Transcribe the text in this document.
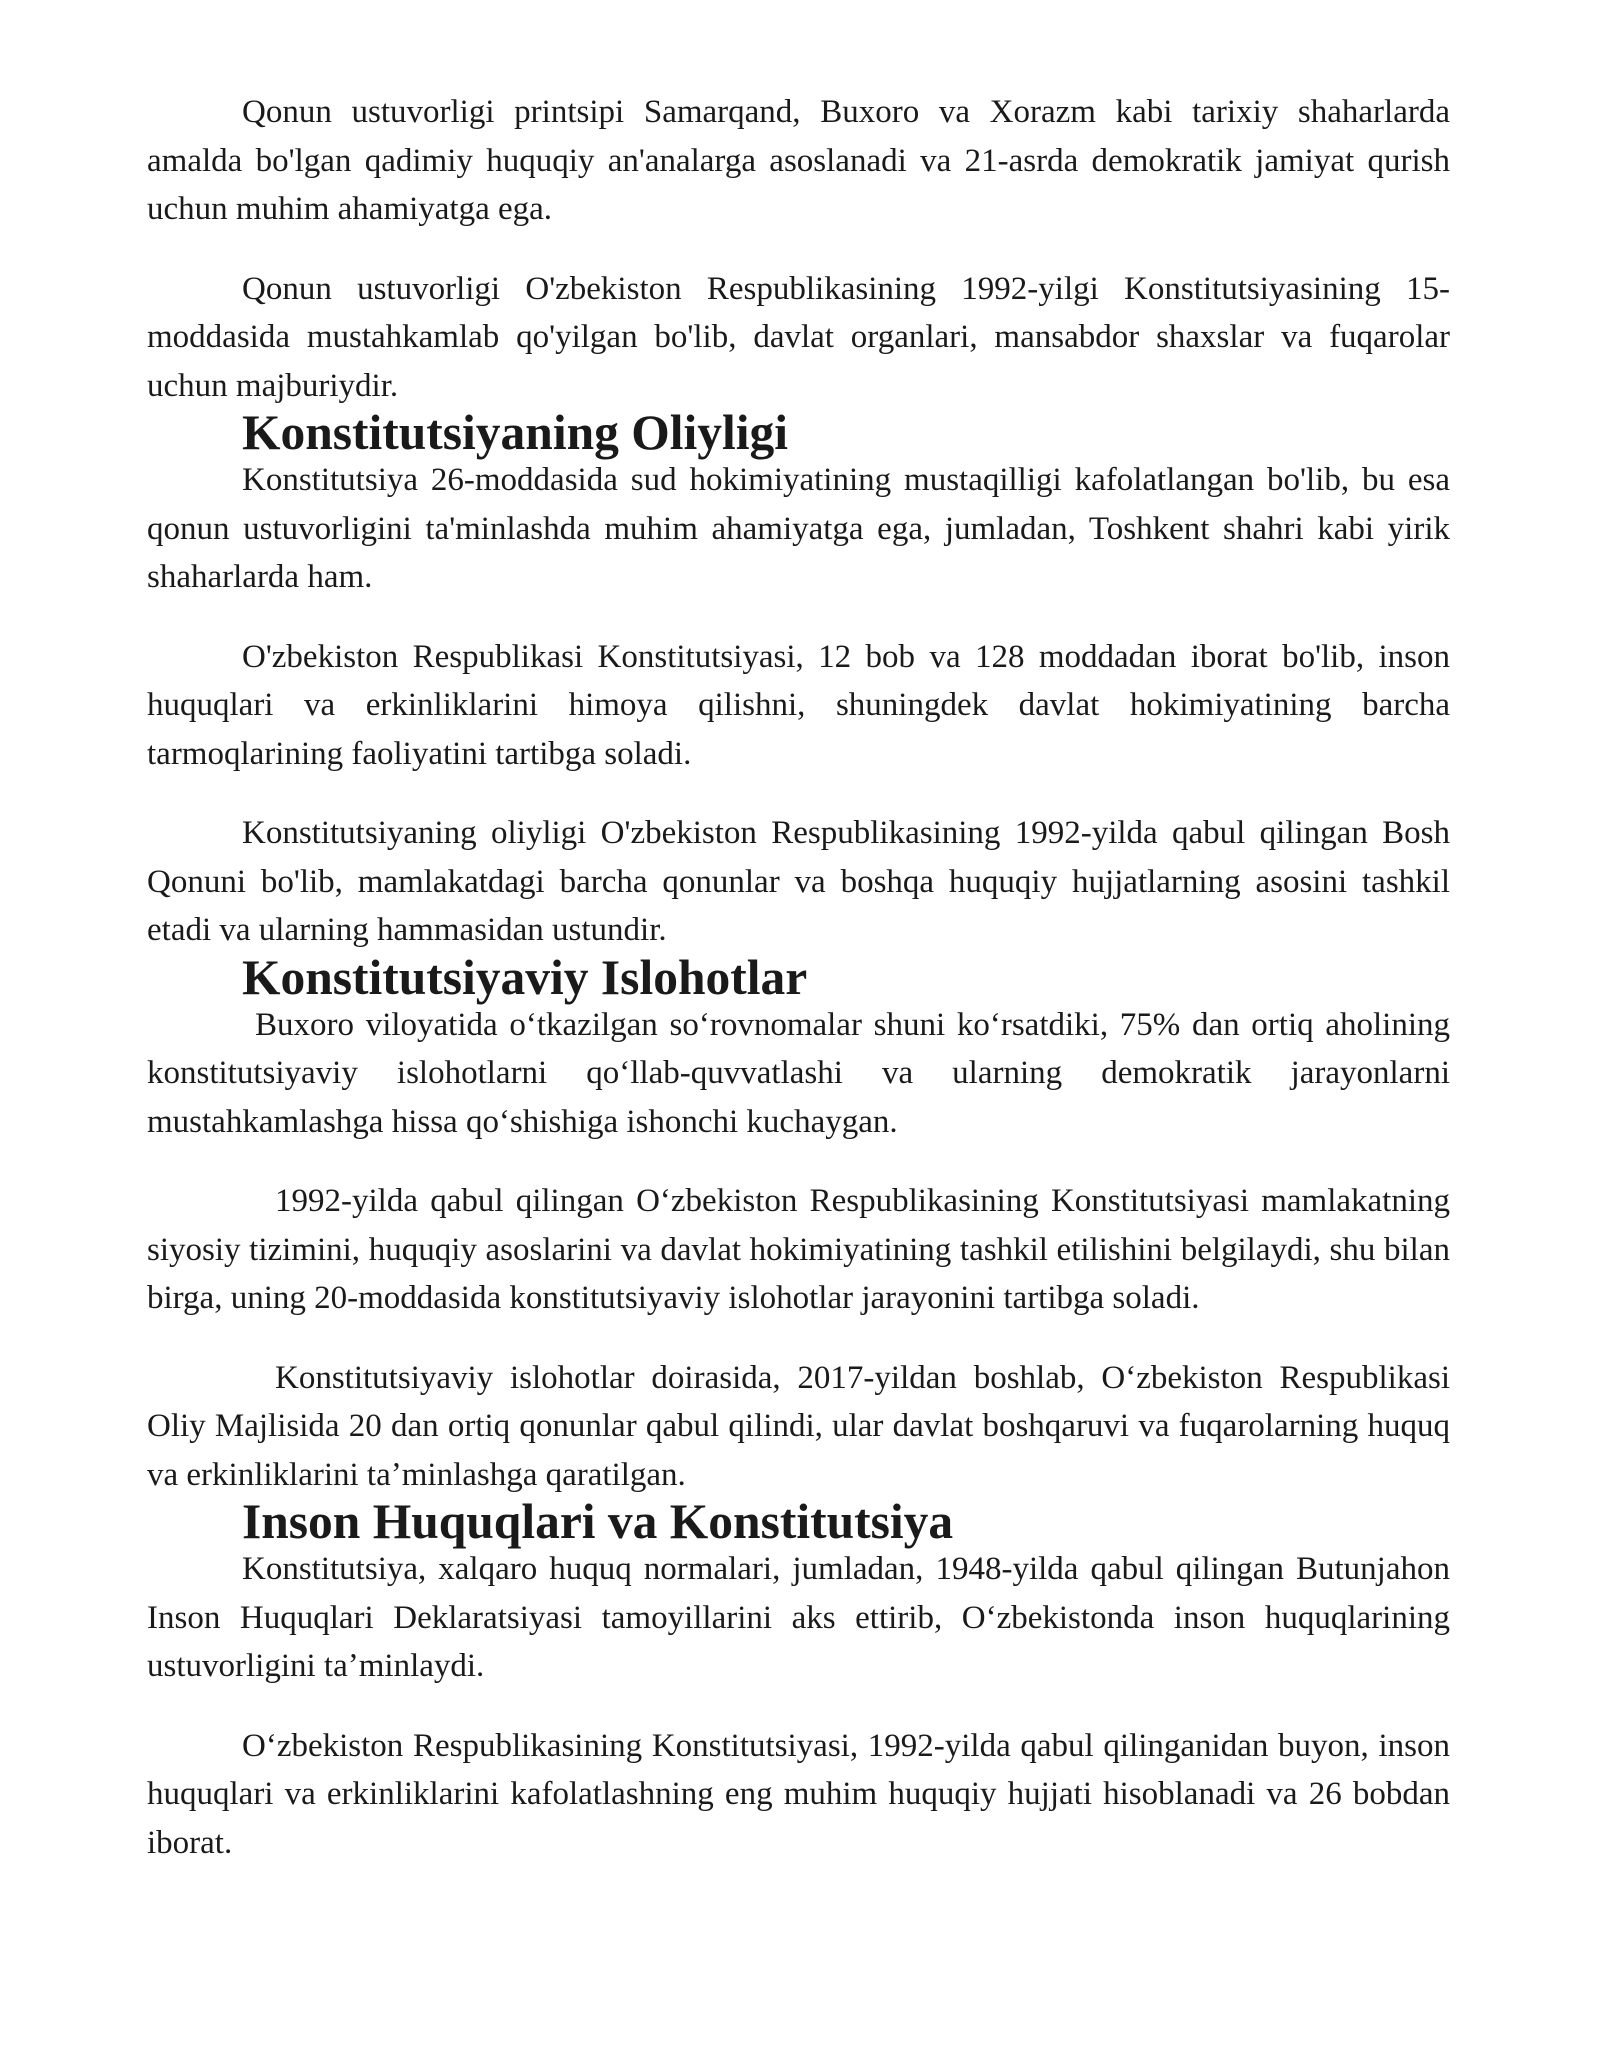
Qonun ustuvorligi printsipi Samarqand, Buxoro va Xorazm kabi tarixiy shaharlarda amalda bo'lgan qadimiy huquqiy an'analarga asoslanadi va 21-asrda demokratik jamiyat qurish uchun muhim ahamiyatga ega.

Qonun ustuvorligi O'zbekiston Respublikasining 1992-yilgi Konstitutsiyasining 15-moddasida mustahkamlab qo'yilgan bo'lib, davlat organlari, mansabdor shaxslar va fuqarolar uchun majburiydir.

Konstitutsiyaning Oliyligi

Konstitutsiya 26-moddasida sud hokimiyatining mustaqilligi kafolatlangan bo'lib, bu esa qonun ustuvorligini ta'minlashda muhim ahamiyatga ega, jumladan, Toshkent shahri kabi yirik shaharlarda ham.

O'zbekiston Respublikasi Konstitutsiyasi, 12 bob va 128 moddadan iborat bo'lib, inson huquqlari va erkinliklarini himoya qilishni, shuningdek davlat hokimiyatining barcha tarmoqlarining faoliyatini tartibga soladi.

Konstitutsiyaning oliyligi O'zbekiston Respublikasining 1992-yilda qabul qilingan Bosh Qonuni bo'lib, mamlakatdagi barcha qonunlar va boshqa huquqiy hujjatlarning asosini tashkil etadi va ularning hammasidan ustundir.

Konstitutsiyaviy Islohotlar

Buxoro viloyatida oʻtkazilgan soʻrovnomalar shuni koʻrsatdiki, 75% dan ortiq aholining konstitutsiyaviy islohotlarni qoʻllab-quvvatlashi va ularning demokratik jarayonlarni mustahkamlashga hissa qoʻshishiga ishonchi kuchaygan.

1992-yilda qabul qilingan Oʻzbekiston Respublikasining Konstitutsiyasi mamlakatning siyosiy tizimini, huquqiy asoslarini va davlat hokimiyatining tashkil etilishini belgilaydi, shu bilan birga, uning 20-moddasida konstitutsiyaviy islohotlar jarayonini tartibga soladi.

Konstitutsiyaviy islohotlar doirasida, 2017-yildan boshlab, Oʻzbekiston Respublikasi Oliy Majlisida 20 dan ortiq qonunlar qabul qilindi, ular davlat boshqaruvi va fuqarolarning huquq va erkinliklarini taʼminlashga qaratilgan.

Inson Huquqlari va Konstitutsiya

Konstitutsiya, xalqaro huquq normalari, jumladan, 1948-yilda qabul qilingan Butunjahon Inson Huquqlari Deklaratsiyasi tamoyillarini aks ettirib, Oʻzbekistonda inson huquqlarining ustuvorligini taʼminlaydi.

Oʻzbekiston Respublikasining Konstitutsiyasi, 1992-yilda qabul qilinganidan buyon, inson huquqlari va erkinliklarini kafolatlashning eng muhim huquqiy hujjati hisoblanadi va 26 bobdan iborat.
